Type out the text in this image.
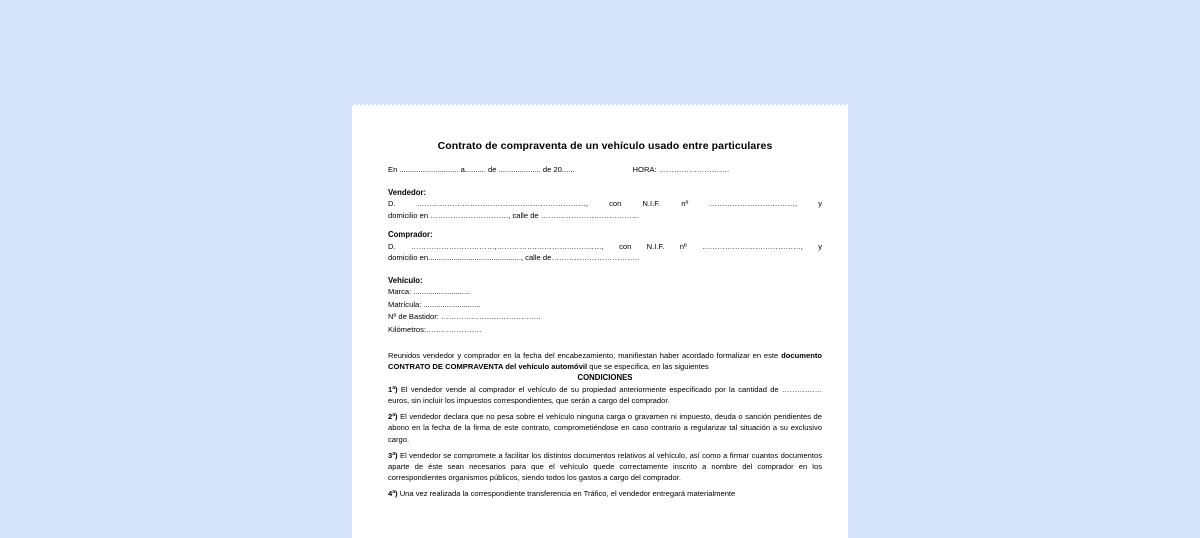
Contrato de compraventa de un vehículo usado entre particulares
En ............................ a.......... de .................... de 20......	HORA: ……………………….
Vendedor:
D. ……………………………….…………………………, con N.I.F. nº …………………….………, y
domicilio en …………………………., calle de …………………………………
Comprador:
D. ……………………………,…………….…………..…………, con N.I.F. nº …………………………………, y
domicilio en............................................, calle de……………………………..
Vehículo:
Marca: ...........................
Matrícula: ...........................
Nº de Bastidor: …………………..……………..
Kilómetros:………………….
Reunidos vendedor y comprador en la fecha del encabezamiento, manifiestan haber acordado formalizar en este documento CONTRATO DE COMPRAVENTA del vehículo automóvil que se especifica, en las siguientes
CONDICIONES
1ª) El vendedor vende al comprador el vehículo de su propiedad anteriormente especificado por la cantidad de ……………. euros, sin incluir los impuestos correspondientes, que serán a cargo del comprador.
2ª) El vendedor declara que no pesa sobre el vehículo ninguna carga o gravamen ni impuesto, deuda o sanción pendientes de abono en la fecha de la firma de este contrato, comprometiéndose en caso contrario a regularizar tal situación a su exclusivo cargo.
3ª) El vendedor se compromete a facilitar los distintos documentos relativos al vehículo, así como a firmar cuantos documentos aparte de éste sean necesarios para que el vehículo quede correctamente inscrito a nombre del comprador en los correspondientes organismos públicos, siendo todos los gastos a cargo del comprador.
4ª) Una vez realizada la correspondiente transferencia en Tráfico, el vendedor entregará materialmente
